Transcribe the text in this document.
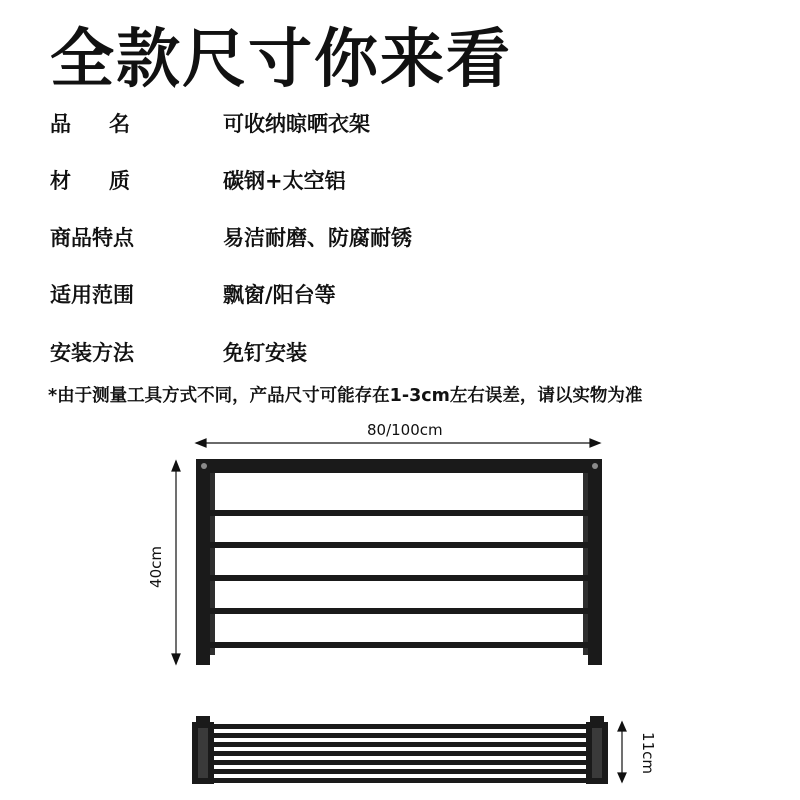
全款尺寸你来看
品名	可收纳晾晒衣架
材质	碳钢+太空铝
商品特点	易洁耐磨、防腐耐锈
适用范围	飘窗/阳台等
安装方法	免钉安装
*由于测量工具方式不同，产品尺寸可能存在1-3cm左右误差，请以实物为准
80/100cm
40cm
11cm
